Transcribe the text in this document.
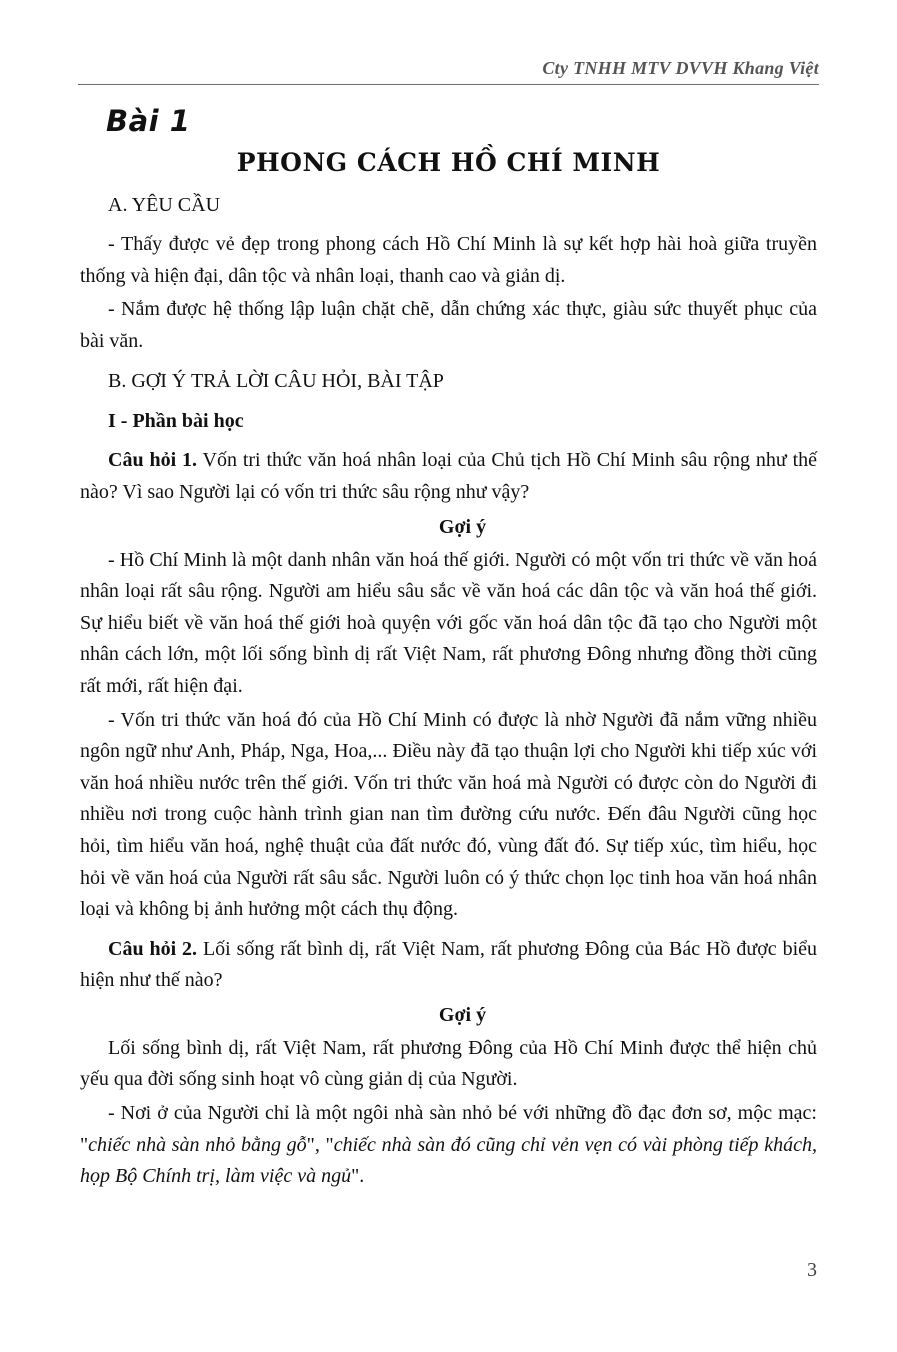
Cty TNHH MTV DVVH Khang Việt
Bài 1
PHONG CÁCH HỒ CHÍ MINH
A. YÊU CẦU

- Thấy được vẻ đẹp trong phong cách Hồ Chí Minh là sự kết hợp hài hoà giữa truyền thống và hiện đại, dân tộc và nhân loại, thanh cao và giản dị.

- Nắm được hệ thống lập luận chặt chẽ, dẫn chứng xác thực, giàu sức thuyết phục của bài văn.

B. GỢI Ý TRẢ LỜI CÂU HỎI, BÀI TẬP
I - Phần bài học

Câu hỏi 1. Vốn tri thức văn hoá nhân loại của Chủ tịch Hồ Chí Minh sâu rộng như thế nào? Vì sao Người lại có vốn tri thức sâu rộng như vậy?

Gợi ý

- Hồ Chí Minh là một danh nhân văn hoá thế giới. Người có một vốn tri thức về văn hoá nhân loại rất sâu rộng. Người am hiểu sâu sắc về văn hoá các dân tộc và văn hoá thế giới. Sự hiểu biết về văn hoá thế giới hoà quyện với gốc văn hoá dân tộc đã tạo cho Người một nhân cách lớn, một lối sống bình dị rất Việt Nam, rất phương Đông nhưng đồng thời cũng rất mới, rất hiện đại.

- Vốn tri thức văn hoá đó của Hồ Chí Minh có được là nhờ Người đã nắm vững nhiều ngôn ngữ như Anh, Pháp, Nga, Hoa,... Điều này đã tạo thuận lợi cho Người khi tiếp xúc với văn hoá nhiều nước trên thế giới. Vốn tri thức văn hoá mà Người có được còn do Người đi nhiều nơi trong cuộc hành trình gian nan tìm đường cứu nước. Đến đâu Người cũng học hỏi, tìm hiểu văn hoá, nghệ thuật của đất nước đó, vùng đất đó. Sự tiếp xúc, tìm hiểu, học hỏi về văn hoá của Người rất sâu sắc. Người luôn có ý thức chọn lọc tinh hoa văn hoá nhân loại và không bị ảnh hưởng một cách thụ động.

Câu hỏi 2. Lối sống rất bình dị, rất Việt Nam, rất phương Đông của Bác Hồ được biểu hiện như thế nào?

Gợi ý

Lối sống bình dị, rất Việt Nam, rất phương Đông của Hồ Chí Minh được thể hiện chủ yếu qua đời sống sinh hoạt vô cùng giản dị của Người.

- Nơi ở của Người chỉ là một ngôi nhà sàn nhỏ bé với những đồ đạc đơn sơ, mộc mạc: "chiếc nhà sàn nhỏ bằng gỗ", "chiếc nhà sàn đó cũng chỉ vẻn vẹn có vài phòng tiếp khách, họp Bộ Chính trị, làm việc và ngủ".

3
